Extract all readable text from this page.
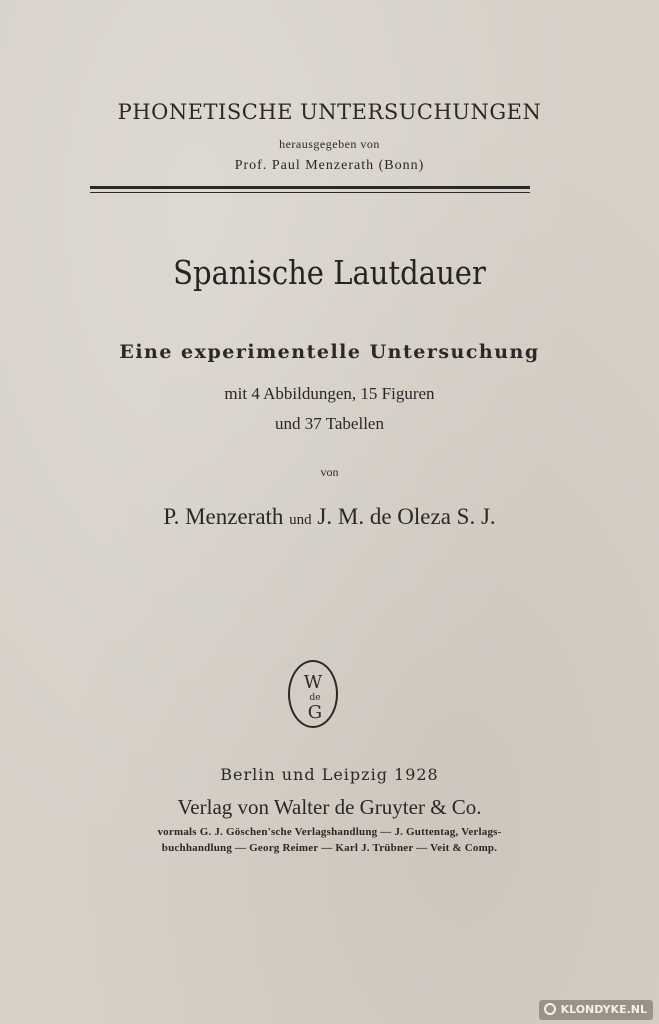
PHONETISCHE UNTERSUCHUNGEN
herausgegeben von
Prof. Paul Menzerath (Bonn)
Spanische Lautdauer
Eine experimentelle Untersuchung
mit 4 Abbildungen, 15 Figuren
und 37 Tabellen
von
P. Menzerath und J. M. de Oleza S. J.
W
de
G
Berlin und Leipzig 1928
Verlag von Walter de Gruyter & Co.
vormals G. J. Göschen'sche Verlagshandlung — J. Guttentag, Verlags-
buchhandlung — Georg Reimer — Karl J. Trübner — Veit & Comp.
KLONDYKE.NL
